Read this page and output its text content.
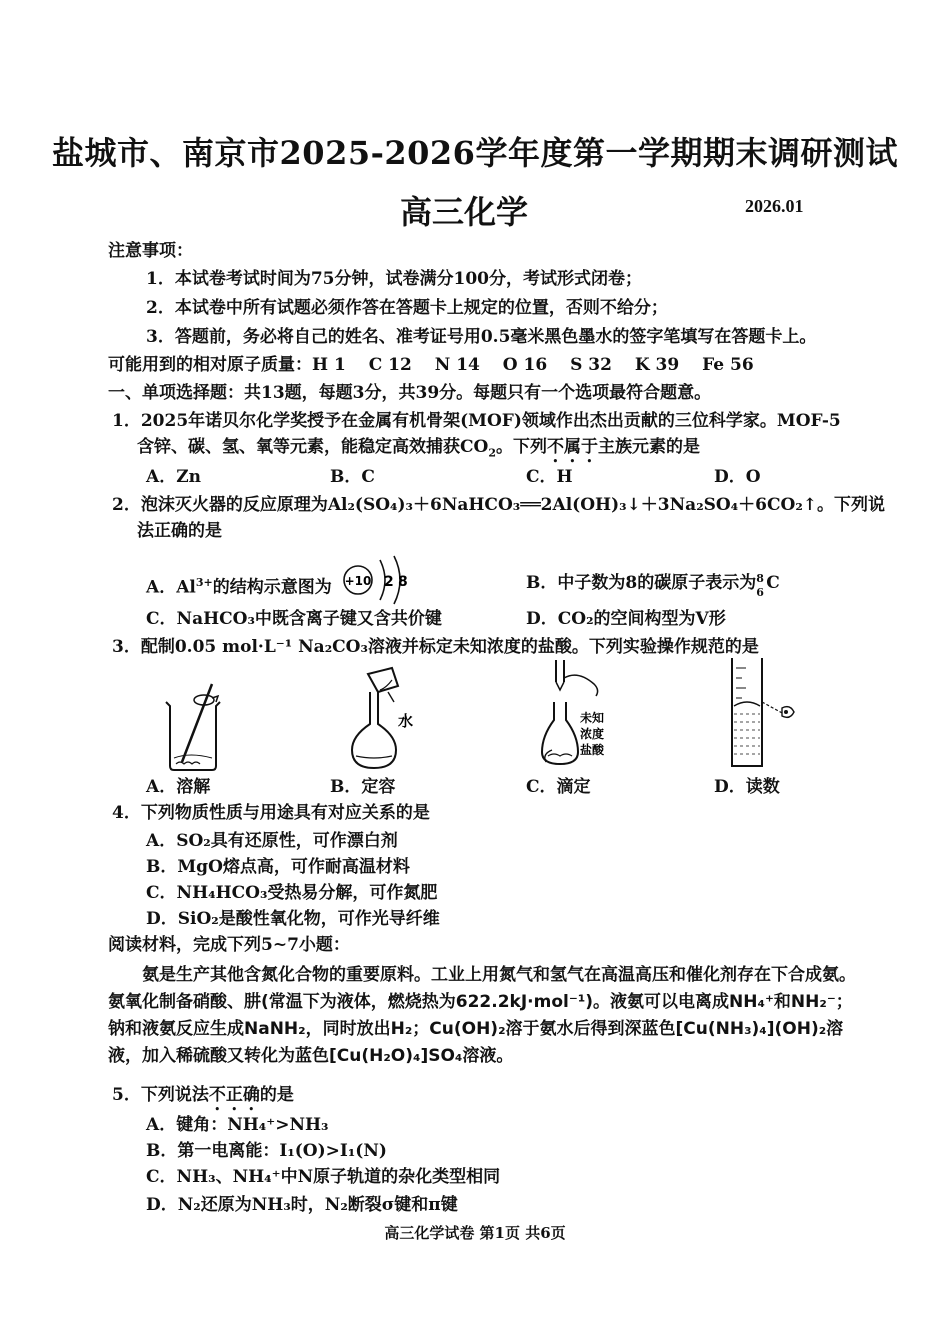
盐城市、南京市2025-2026学年度第一学期期末调研测试
高三化学	2026.01
注意事项：
1．本试卷考试时间为75分钟，试卷满分100分，考试形式闭卷；
2．本试卷中所有试题必须作答在答题卡上规定的位置，否则不给分；
3．答题前，务必将自己的姓名、准考证号用0.5毫米黑色墨水的签字笔填写在答题卡上。
可能用到的相对原子质量：H 1　 C 12　 N 14　 O 16　 S 32　 K 39　 Fe 56
一、单项选择题：共13题，每题3分，共39分。每题只有一个选项最符合题意。
1．2025年诺贝尔化学奖授予在金属有机骨架(MOF)领域作出杰出贡献的三位科学家。MOF-5
含锌、碳、氢、氧等元素，能稳定高效捕获$CO_2$。下列不属于主族元素的是
A．Zn	B．C	C．H	D．O
2．泡沫灭火器的反应原理为Al₂(SO₄)₃＋6NaHCO₃══2Al(OH)₃↓＋3Na₂SO₄＋6CO₂↑。下列说
法正确的是
A．$Al^{3+}$的结构示意图为 +10 2 8	B．中子数为8的碳原子表示为 8
6 C
C．NaHCO₃中既含离子键又含共价键	D．CO₂的空间构型为V形
3．配制0.05 mol·L⁻¹ Na₂CO₃溶液并标定未知浓度的盐酸。下列实验操作规范的是
水	未知
浓度
盐酸
A．溶解	B．定容	C．滴定	D．读数
4．下列物质性质与用途具有对应关系的是
A．SO₂具有还原性，可作漂白剂
B．MgO熔点高，可作耐高温材料
C．NH₄HCO₃受热易分解，可作氮肥
D．SiO₂是酸性氧化物，可作光导纤维
阅读材料，完成下列5~7小题：
氨是生产其他含氮化合物的重要原料。工业上用氮气和氢气在高温高压和催化剂存在下合成氨。氨氧化制备硝酸、肼(常温下为液体，燃烧热为622.2kJ·mol⁻¹)。液氨可以电离成NH₄⁺和NH₂⁻；钠和液氨反应生成NaNH₂，同时放出H₂；Cu(OH)₂溶于氨水后得到深蓝色[Cu(NH₃)₄](OH)₂溶液，加入稀硫酸又转化为蓝色[Cu(H₂O)₄]SO₄溶液。
5．下列说法不正确的是
A．键角：NH₄⁺>NH₃
B．第一电离能：I₁(O)>I₁(N)
C．NH₃、NH₄⁺中N原子轨道的杂化类型相同
D．N₂还原为NH₃时，N₂断裂σ键和π键
高三化学试卷 第1页 共6页
